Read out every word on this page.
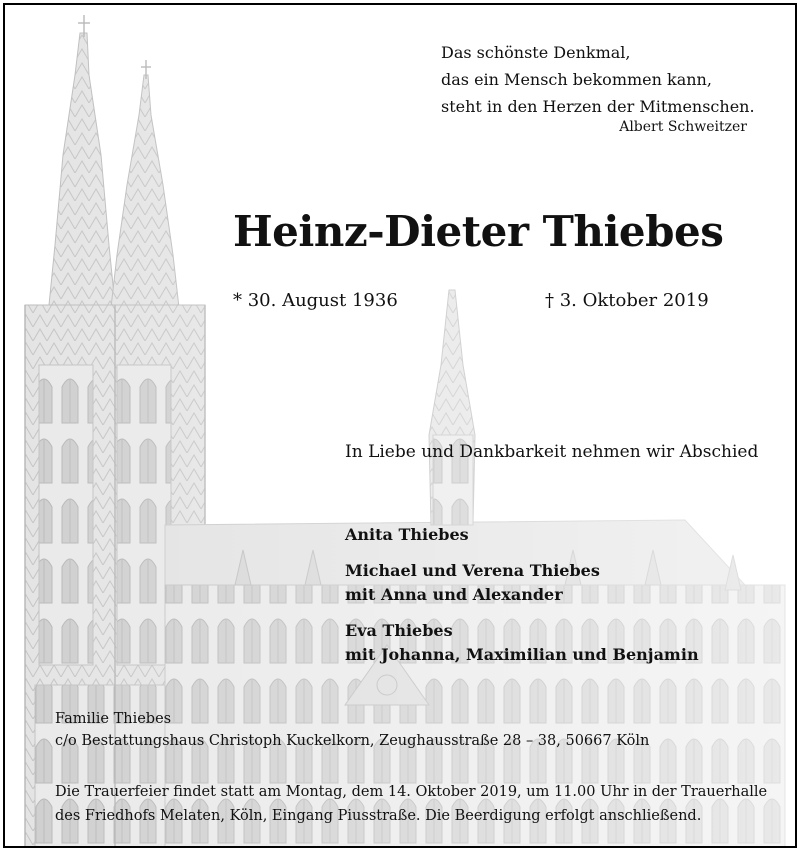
Das schönste Denkmal,
das ein Mensch bekommen kann,
steht in den Herzen der Mitmenschen.
Albert Schweitzer
Heinz-Dieter Thiebes
* 30. August 1936	† 3. Oktober 2019
In Liebe und Dankbarkeit nehmen wir Abschied
Anita Thiebes
Michael und Verena Thiebes
mit Anna und Alexander
Eva Thiebes
mit Johanna, Maximilian und Benjamin
Familie Thiebes
c/o Bestattungshaus Christoph Kuckelkorn, Zeughausstraße 28 – 38, 50667 Köln
Die Trauerfeier findet statt am Montag, dem 14. Oktober 2019, um 11.00 Uhr in der Trauerhalle
des Friedhofs Melaten, Köln, Eingang Piusstraße. Die Beerdigung erfolgt anschließend.
